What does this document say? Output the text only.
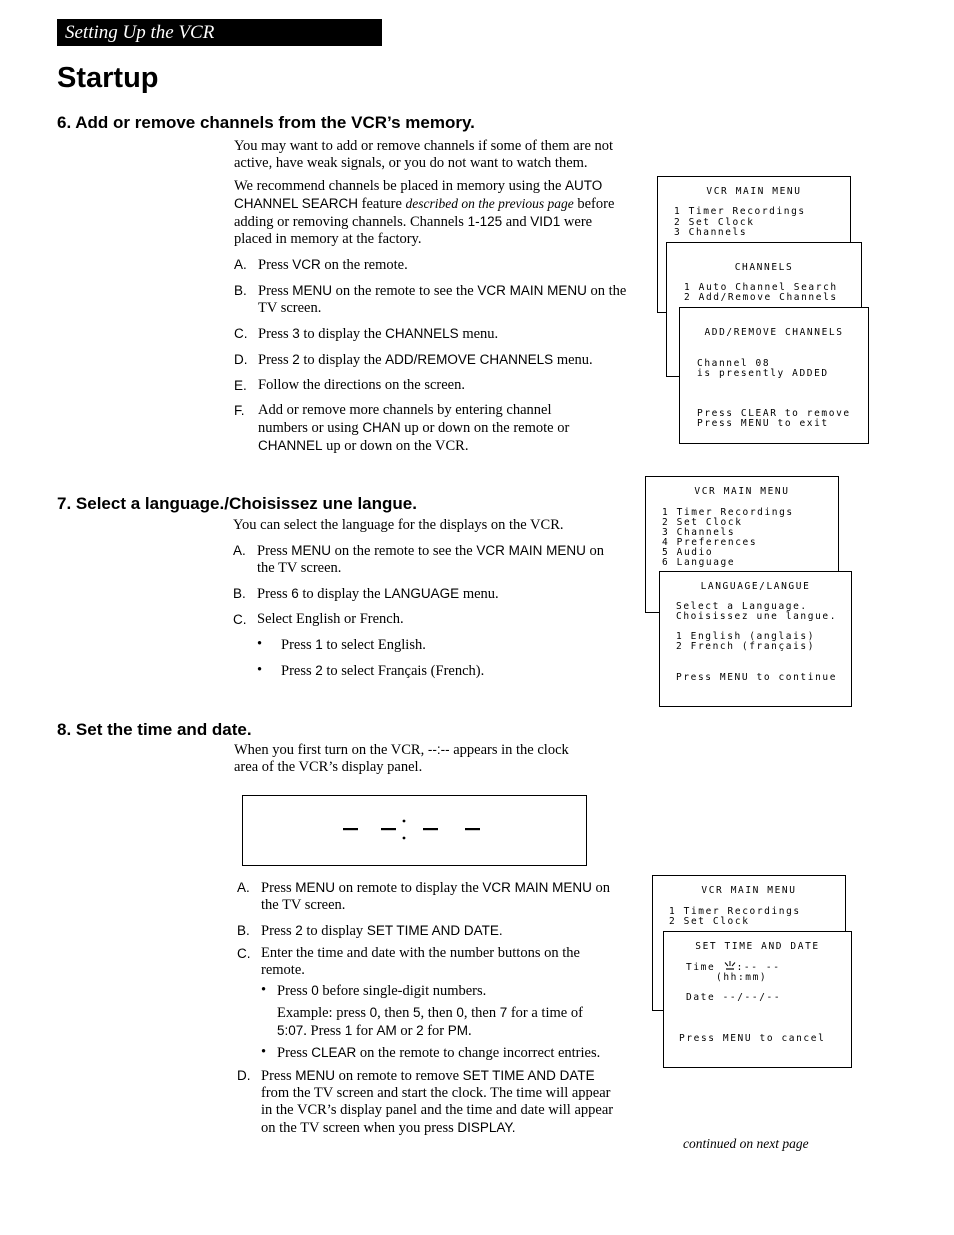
Setting Up the VCR
Startup
6. Add or remove channels from the VCR’s memory.

You may want to add or remove channels if some of them are not active, have weak signals, or you do not want to watch them.

We recommend channels be placed in memory using the AUTO CHANNEL SEARCH feature described on the previous page before adding or removing channels. Channels 1-125 and VID1 were placed in memory at the factory.

A. Press VCR on the remote.
B. Press MENU on the remote to see the VCR MAIN MENU on the TV screen.
C. Press 3 to display the CHANNELS menu.
D. Press 2 to display the ADD/REMOVE CHANNELS menu.
E. Follow the directions on the screen.
F. Add or remove more channels by entering channel numbers or using CHAN up or down on the remote or CHANNEL up or down on the VCR.

VCR MAIN MENU

1 Timer Recordings

2 Set Clock

3 Channels

CHANNELS

1 Auto Channel Search

2 Add/Remove Channels

ADD/REMOVE CHANNELS

Channel 08

is presently ADDED

Press CLEAR to remove

Press MENU to exit

7. Select a language./Choisissez une langue.

You can select the language for the displays on the VCR.

A. Press MENU on the remote to see the VCR MAIN MENU on the TV screen.
B. Press 6 to display the LANGUAGE menu.
C. Select English or French.
• Press 1 to select English.
• Press 2 to select Français (French).

VCR MAIN MENU

1 Timer Recordings

2 Set Clock

3 Channels

4 Preferences

5 Audio

6 Language

LANGUAGE/LANGUE

Select a Language.

Choisissez une langue.

1 English (anglais)

2 French (français)

Press MENU to continue

8. Set the time and date.

When you first turn on the VCR, --:-- appears in the clock area of the VCR’s display panel.

A. Press MENU on remote to display the VCR MAIN MENU on the TV screen.
B. Press 2 to display SET TIME AND DATE.
C. Enter the time and date with the number buttons on the remote.
• Press 0 before single-digit numbers.
Example: press 0, then 5, then 0, then 7 for a time of 5:07. Press 1 for AM or 2 for PM.
• Press CLEAR on the remote to change incorrect entries.
D. Press MENU on remote to remove SET TIME AND DATE from the TV screen and start the clock. The time will appear in the VCR’s display panel and the time and date will appear on the TV screen when you press DISPLAY.

VCR MAIN MENU

1 Timer Recordings

2 Set Clock

SET TIME AND DATE

Time :-- --

(hh:mm)

Date --/--/--

Press MENU to cancel

continued on next page
